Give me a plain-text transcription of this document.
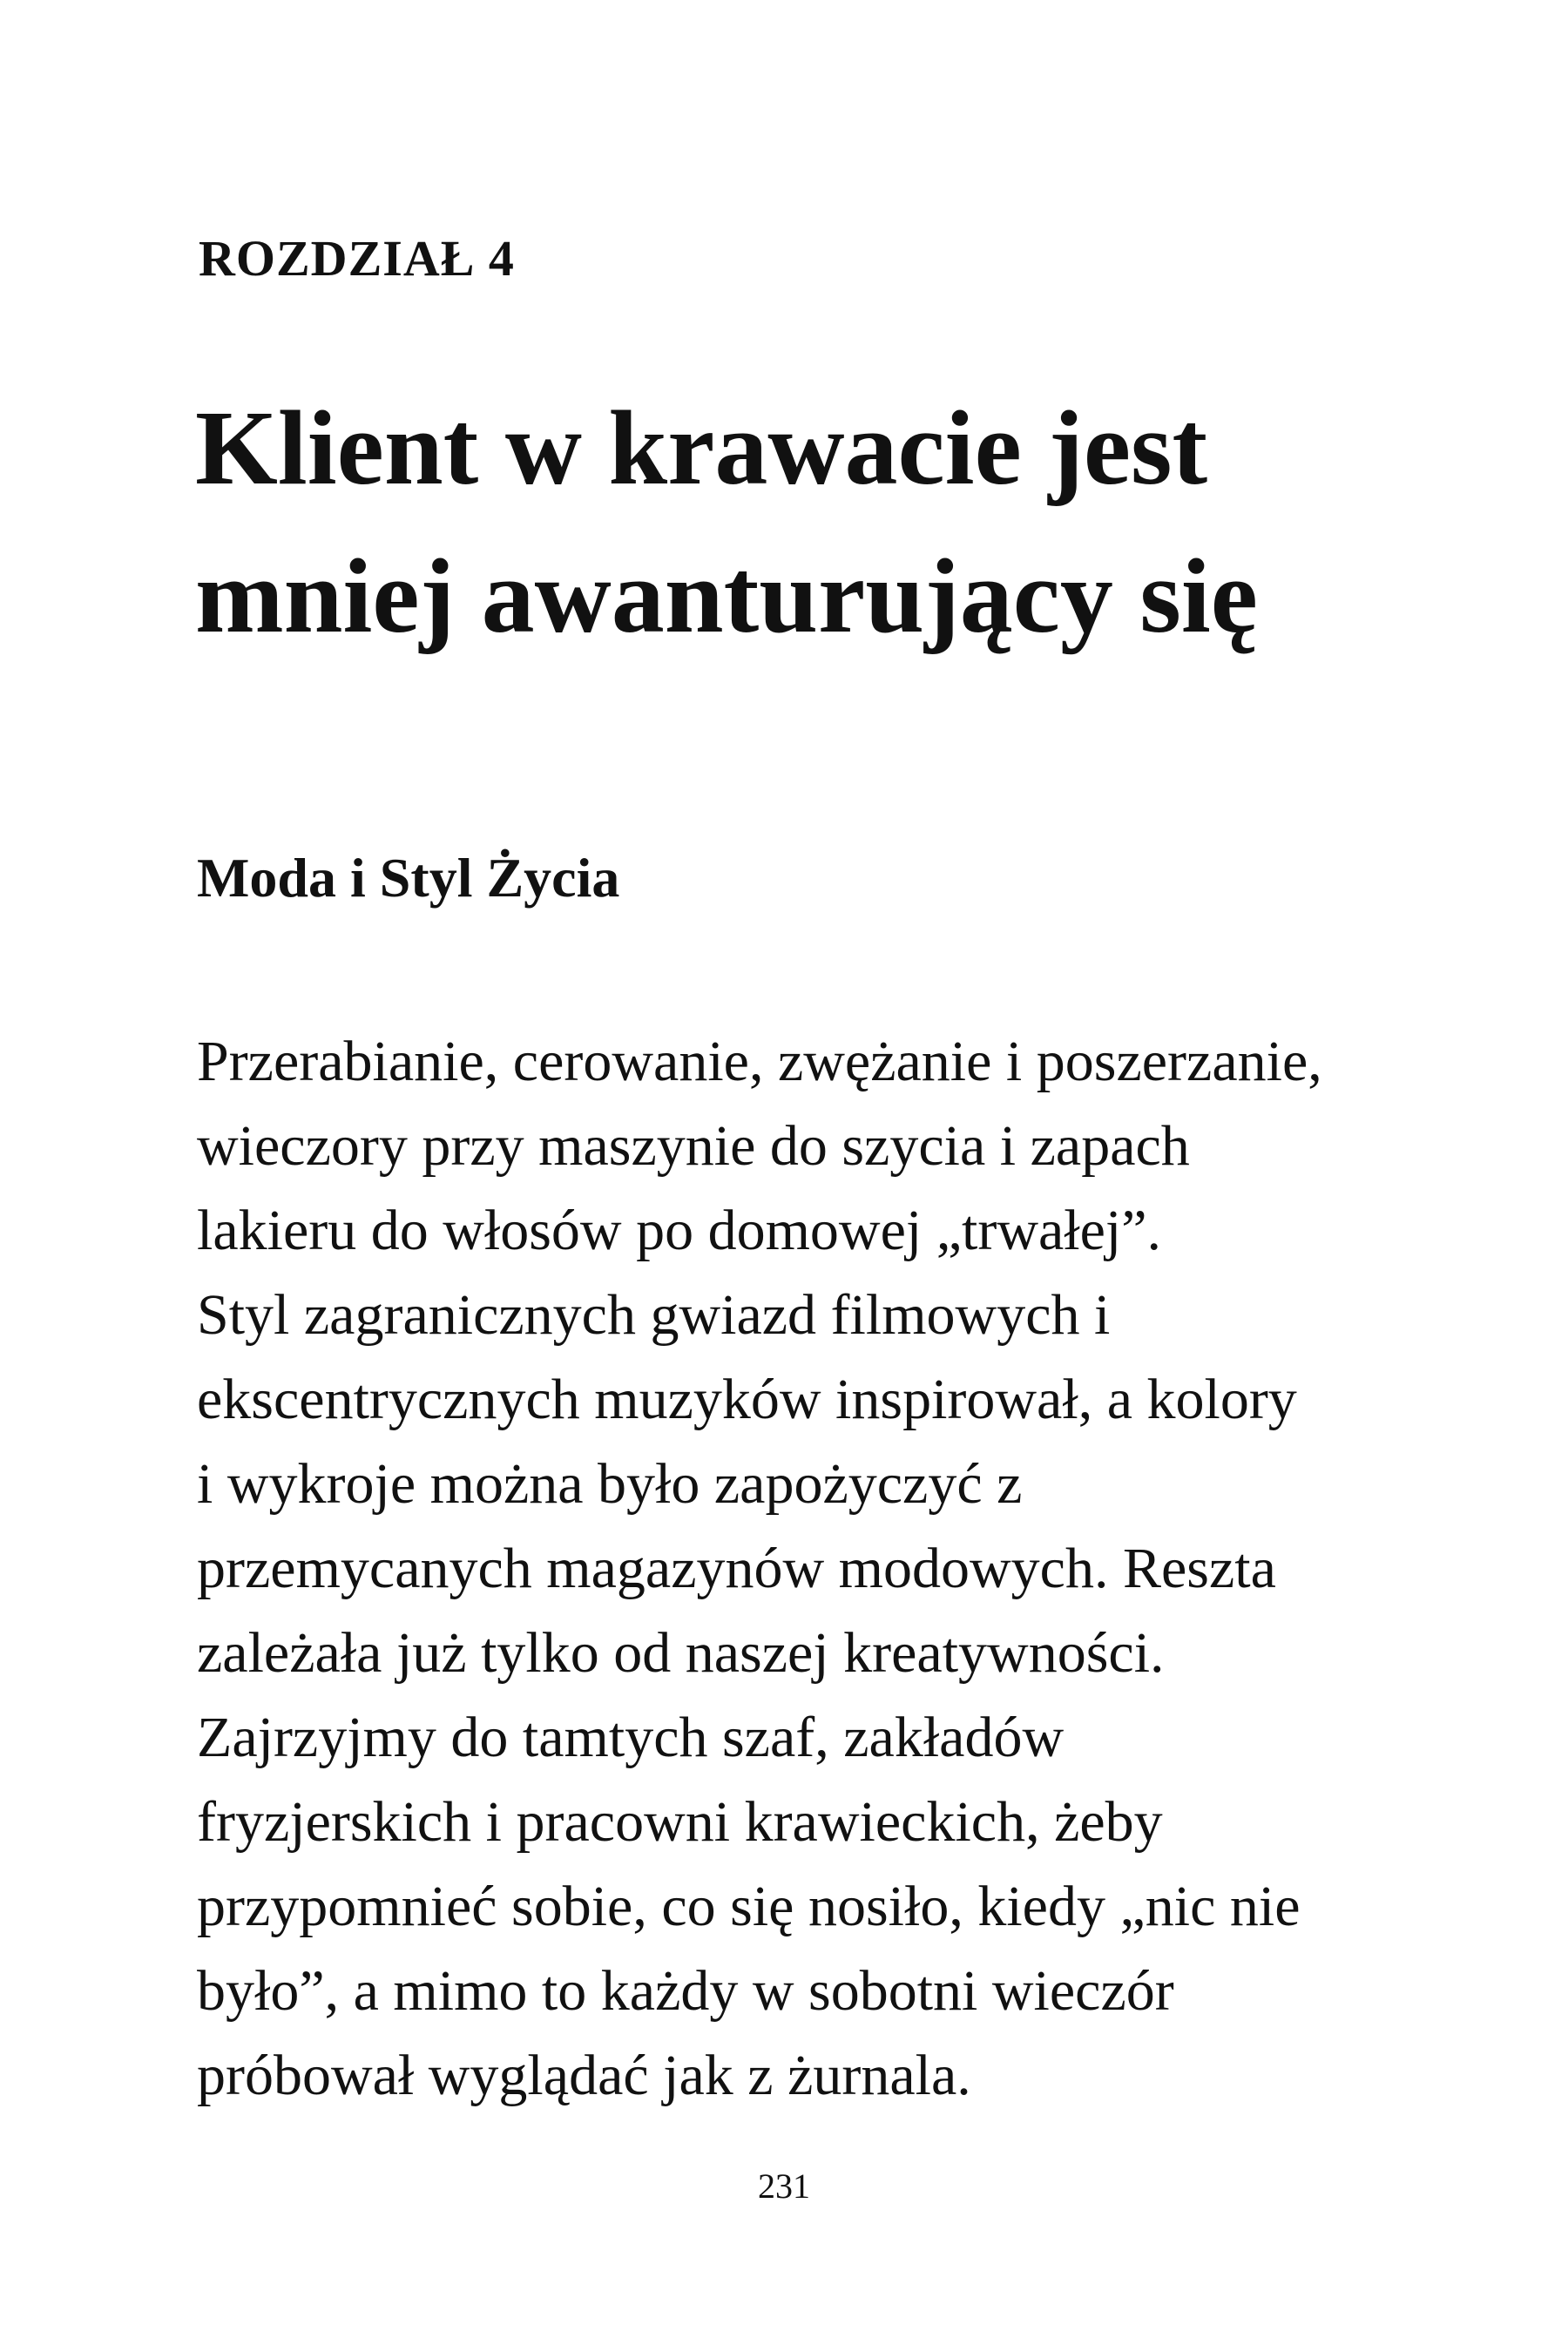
ROZDZIAŁ 4
Klient w krawacie jest
mniej awanturujący się
Moda i Styl Życia
Przerabianie, cerowanie, zwężanie i poszerzanie,
wieczory przy maszynie do szycia i zapach
lakieru do włosów po domowej „trwałej”.
Styl zagranicznych gwiazd filmowych i
ekscentrycznych muzyków inspirował, a kolory
i wykroje można było zapożyczyć z
przemycanych magazynów modowych. Reszta
zależała już tylko od naszej kreatywności.
Zajrzyjmy do tamtych szaf, zakładów
fryzjerskich i pracowni krawieckich, żeby
przypomnieć sobie, co się nosiło, kiedy „nic nie
było”, a mimo to każdy w sobotni wieczór
próbował wyglądać jak z żurnala.
231
